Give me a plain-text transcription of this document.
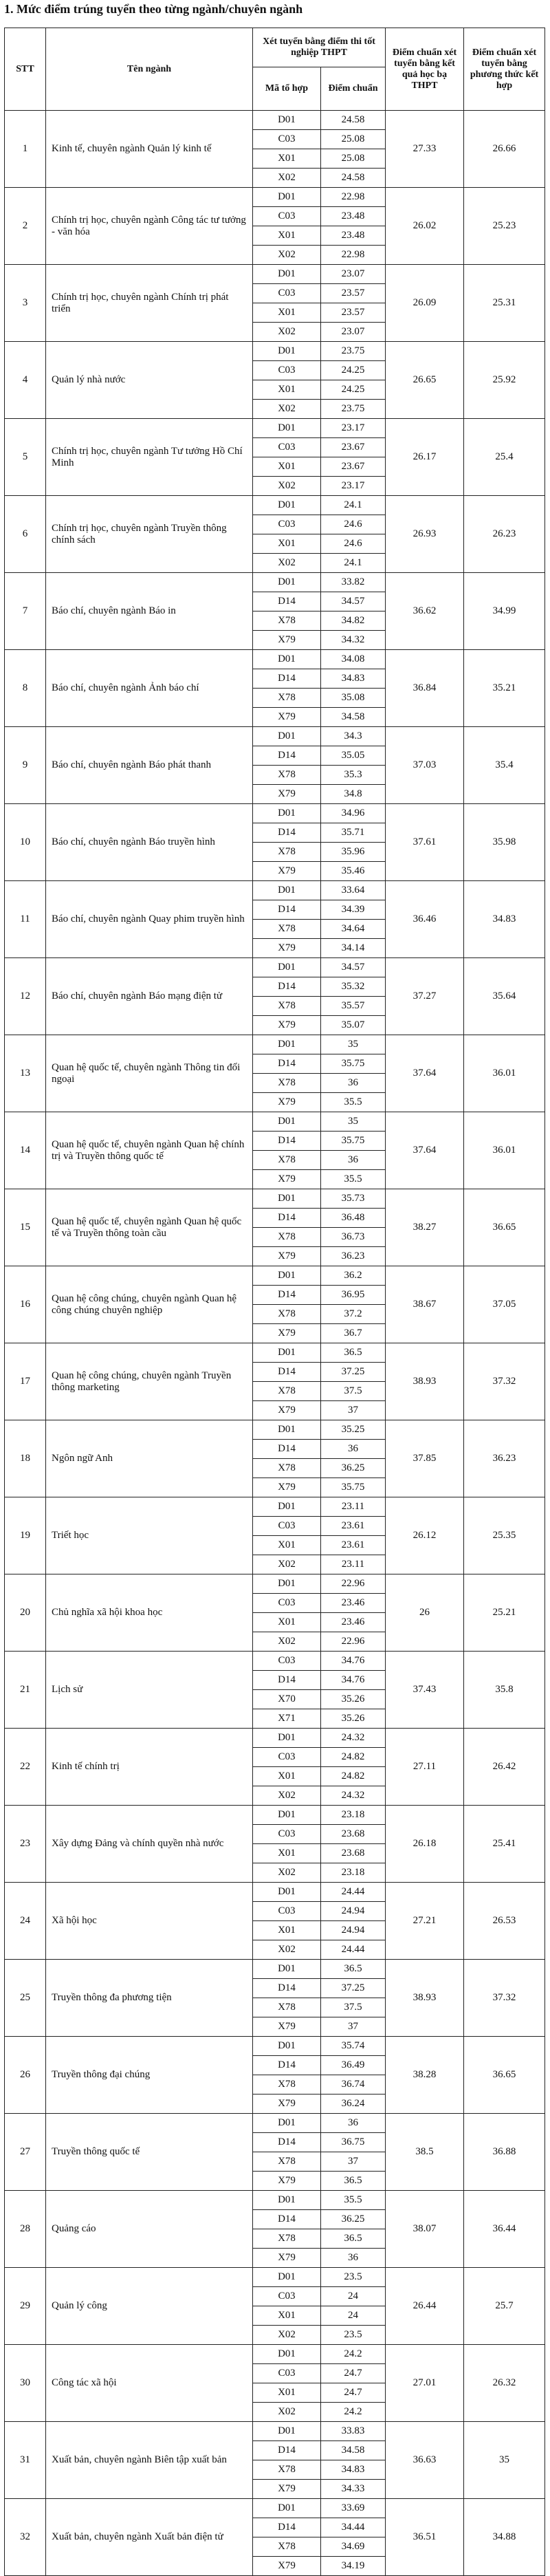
1. Mức điểm trúng tuyển theo từng ngành/chuyên ngành
STT	Tên ngành	Xét tuyển bằng điểm thi tốt nghiệp THPT		Điểm chuẩn xét tuyển bằng kết quả học bạ THPT	Điểm chuẩn xét tuyển bằng phương thức kết hợp
		Mã tổ hợp	Điểm chuẩn		
1	Kinh tế, chuyên ngành Quản lý kinh tế	D01	24.58	27.33	26.66
		C03	25.08		
		X01	25.08		
		X02	24.58		
2	Chính trị học, chuyên ngành Công tác tư tưởng - văn hóa	D01	22.98	26.02	25.23
		C03	23.48		
		X01	23.48		
		X02	22.98		
3	Chính trị học, chuyên ngành Chính trị phát triển	D01	23.07	26.09	25.31
		C03	23.57		
		X01	23.57		
		X02	23.07		
4	Quản lý nhà nước	D01	23.75	26.65	25.92
		C03	24.25		
		X01	24.25		
		X02	23.75		
5	Chính trị học, chuyên ngành Tư tưởng Hồ Chí Minh	D01	23.17	26.17	25.4
		C03	23.67		
		X01	23.67		
		X02	23.17		
6	Chính trị học, chuyên ngành Truyền thông chính sách	D01	24.1	26.93	26.23
		C03	24.6		
		X01	24.6		
		X02	24.1		
7	Báo chí, chuyên ngành Báo in	D01	33.82	36.62	34.99
		D14	34.57		
		X78	34.82		
		X79	34.32		
8	Báo chí, chuyên ngành Ảnh báo chí	D01	34.08	36.84	35.21
		D14	34.83		
		X78	35.08		
		X79	34.58		
9	Báo chí, chuyên ngành Báo phát thanh	D01	34.3	37.03	35.4
		D14	35.05		
		X78	35.3		
		X79	34.8		
10	Báo chí, chuyên ngành Báo truyền hình	D01	34.96	37.61	35.98
		D14	35.71		
		X78	35.96		
		X79	35.46		
11	Báo chí, chuyên ngành Quay phim truyền hình	D01	33.64	36.46	34.83
		D14	34.39		
		X78	34.64		
		X79	34.14		
12	Báo chí, chuyên ngành Báo mạng điện tử	D01	34.57	37.27	35.64
		D14	35.32		
		X78	35.57		
		X79	35.07		
13	Quan hệ quốc tế, chuyên ngành Thông tin đối ngoại	D01	35	37.64	36.01
		D14	35.75		
		X78	36		
		X79	35.5		
14	Quan hệ quốc tế, chuyên ngành Quan hệ chính trị và Truyền thông quốc tế	D01	35	37.64	36.01
		D14	35.75		
		X78	36		
		X79	35.5		
15	Quan hệ quốc tế, chuyên ngành Quan hệ quốc tế và Truyền thông toàn cầu	D01	35.73	38.27	36.65
		D14	36.48		
		X78	36.73		
		X79	36.23		
16	Quan hệ công chúng, chuyên ngành Quan hệ công chúng chuyên nghiệp	D01	36.2	38.67	37.05
		D14	36.95		
		X78	37.2		
		X79	36.7		
17	Quan hệ công chúng, chuyên ngành Truyền thông marketing	D01	36.5	38.93	37.32
		D14	37.25		
		X78	37.5		
		X79	37		
18	Ngôn ngữ Anh	D01	35.25	37.85	36.23
		D14	36		
		X78	36.25		
		X79	35.75		
19	Triết học	D01	23.11	26.12	25.35
		C03	23.61		
		X01	23.61		
		X02	23.11		
20	Chủ nghĩa xã hội khoa học	D01	22.96	26	25.21
		C03	23.46		
		X01	23.46		
		X02	22.96		
21	Lịch sử	C03	34.76	37.43	35.8
		D14	34.76		
		X70	35.26		
		X71	35.26		
22	Kinh tế chính trị	D01	24.32	27.11	26.42
		C03	24.82		
		X01	24.82		
		X02	24.32		
23	Xây dựng Đảng và chính quyền nhà nước	D01	23.18	26.18	25.41
		C03	23.68		
		X01	23.68		
		X02	23.18		
24	Xã hội học	D01	24.44	27.21	26.53
		C03	24.94		
		X01	24.94		
		X02	24.44		
25	Truyền thông đa phương tiện	D01	36.5	38.93	37.32
		D14	37.25		
		X78	37.5		
		X79	37		
26	Truyền thông đại chúng	D01	35.74	38.28	36.65
		D14	36.49		
		X78	36.74		
		X79	36.24		
27	Truyền thông quốc tế	D01	36	38.5	36.88
		D14	36.75		
		X78	37		
		X79	36.5		
28	Quảng cáo	D01	35.5	38.07	36.44
		D14	36.25		
		X78	36.5		
		X79	36		
29	Quản lý công	D01	23.5	26.44	25.7
		C03	24		
		X01	24		
		X02	23.5		
30	Công tác xã hội	D01	24.2	27.01	26.32
		C03	24.7		
		X01	24.7		
		X02	24.2		
31	Xuất bản, chuyên ngành Biên tập xuất bản	D01	33.83	36.63	35
		D14	34.58		
		X78	34.83		
		X79	34.33		
32	Xuất bản, chuyên ngành Xuất bản điện tử	D01	33.69	36.51	34.88
		D14	34.44		
		X78	34.69		
		X79	34.19		
